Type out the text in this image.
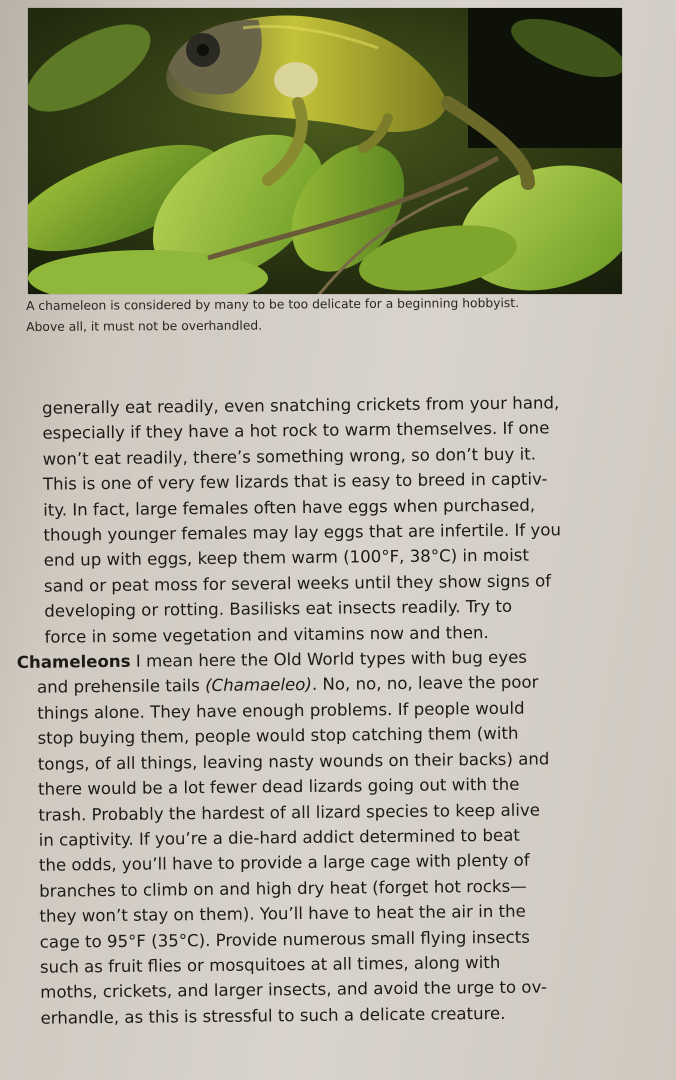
A chameleon is considered by many to be too delicate for a beginning hobbyist.

Above all, it must not be overhandled.

generally eat readily, even snatching crickets from your hand,
especially if they have a hot rock to warm themselves. If one
won’t eat readily, there’s something wrong, so don’t buy it.
This is one of very few lizards that is easy to breed in captiv-
ity. In fact, large females often have eggs when purchased,
though younger females may lay eggs that are infertile. If you
end up with eggs, keep them warm (100°F, 38°C) in moist
sand or peat moss for several weeks until they show signs of
developing or rotting. Basilisks eat insects readily. Try to
force in some vegetation and vitamins now and then.
Chameleons I mean here the Old World types with bug eyes
and prehensile tails (Chamaeleo). No, no, no, leave the poor
things alone. They have enough problems. If people would
stop buying them, people would stop catching them (with
tongs, of all things, leaving nasty wounds on their backs) and
there would be a lot fewer dead lizards going out with the
trash. Probably the hardest of all lizard species to keep alive
in captivity. If you’re a die-hard addict determined to beat
the odds, you’ll have to provide a large cage with plenty of
branches to climb on and high dry heat (forget hot rocks—
they won’t stay on them). You’ll have to heat the air in the
cage to 95°F (35°C). Provide numerous small flying insects
such as fruit flies or mosquitoes at all times, along with
moths, crickets, and larger insects, and avoid the urge to ov-
erhandle, as this is stressful to such a delicate creature.
